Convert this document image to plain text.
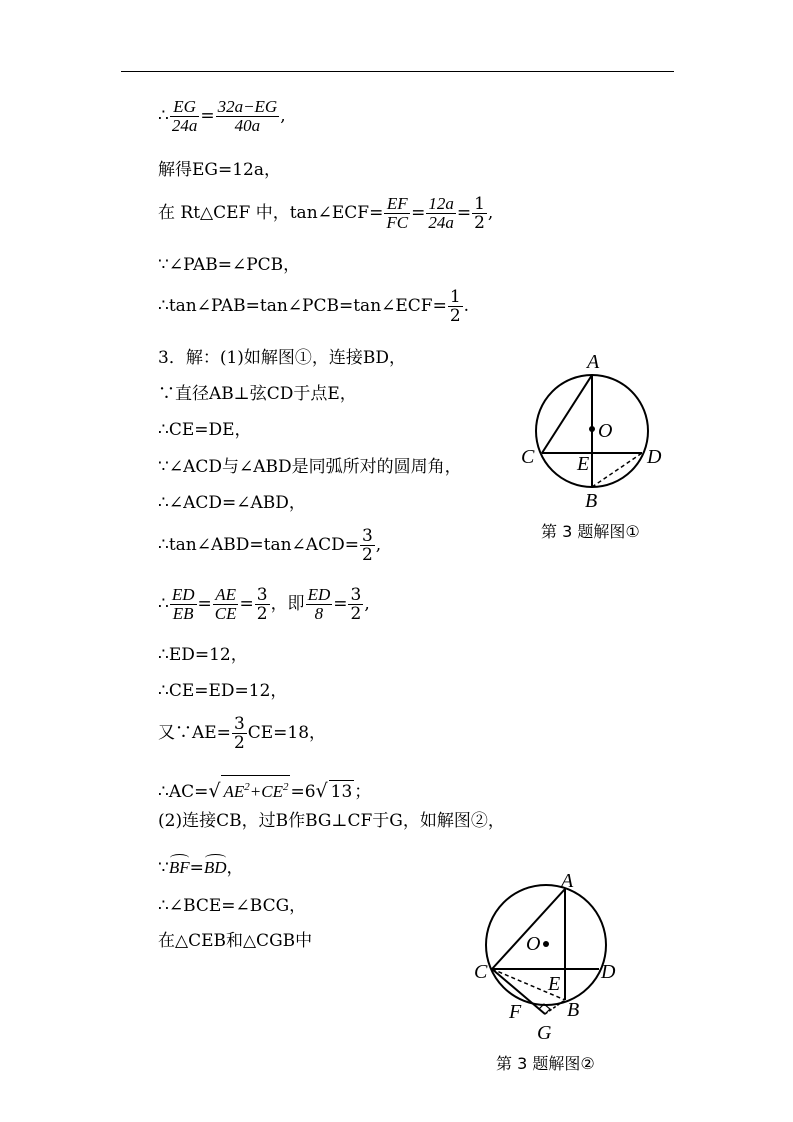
∴ $\frac{EG}{24a} = \frac{32a-EG}{40a}$ ,
解得EG=12a，
在 Rt△CEF 中，tan∠ECF= $\frac{EF}{FC} = \frac{12a}{24a} = \frac{1}{2}$ ,
∵∠PAB=∠PCB，
∴tan∠PAB=tan∠PCB=tan∠ECF= $\frac{1}{2}$ .
3．解：(1)如解图①，连接BD，
∵直径AB⊥弦CD于点E，
∴CE=DE，
∵∠ACD与∠ABD是同弧所对的圆周角，
∴∠ACD=∠ABD，
∴tan∠ABD=tan∠ACD= $\frac{3}{2}$ ,
∴ $\frac{ED}{EB} = \frac{AE}{CE} = \frac{3}{2}$ ，即 $\frac{ED}{8} = \frac{3}{2}$ ,
∴ED=12，
∴CE=ED=12，
又∵AE= $\frac{3}{2} CE=18$，
∴AC=√ $AE^2+CE^2 =6√$ 13 ；
(2)连接CB，过B作BG⊥CF于G，如解图②，
∵BF=BD，
∴∠BCE=∠BCG，
在△CEB和△CGB中
A
O
C	D
E
B
第 3 题解图①
A
O
C	D
E
B
F
G
第 3 题解图②
